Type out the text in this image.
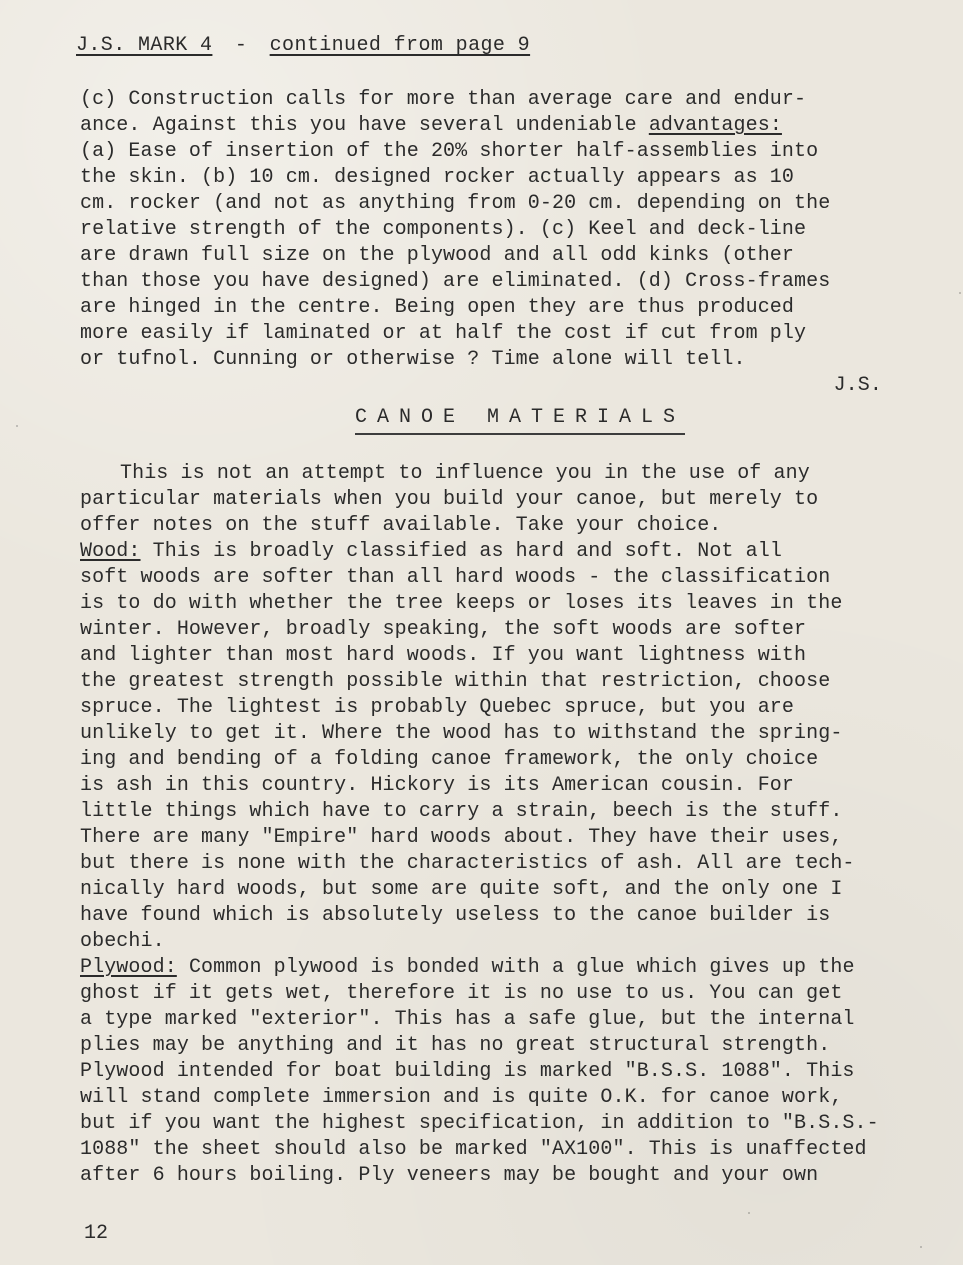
J.S. MARK 4 - continued from page 9
(c) Construction calls for more than average care and endur-
ance. Against this you have several undeniable advantages:
(a) Ease of insertion of the 20% shorter half-assemblies into
the skin. (b) 10 cm. designed rocker actually appears as 10
cm. rocker (and not as anything from 0-20 cm. depending on the
relative strength of the components). (c) Keel and deck-line
are drawn full size on the plywood and all odd kinks (other
than those you have designed) are eliminated. (d) Cross-frames
are hinged in the centre. Being open they are thus produced
more easily if laminated or at half the cost if cut from ply
or tufnol. Cunning or otherwise ? Time alone will tell.
J.S.
CANOE MATERIALS
This is not an attempt to influence you in the use of any
particular materials when you build your canoe, but merely to
offer notes on the stuff available. Take your choice.
Wood: This is broadly classified as hard and soft. Not all
soft woods are softer than all hard woods - the classification
is to do with whether the tree keeps or loses its leaves in the
winter. However, broadly speaking, the soft woods are softer
and lighter than most hard woods. If you want lightness with
the greatest strength possible within that restriction, choose
spruce. The lightest is probably Quebec spruce, but you are
unlikely to get it. Where the wood has to withstand the spring-
ing and bending of a folding canoe framework, the only choice
is ash in this country. Hickory is its American cousin. For
little things which have to carry a strain, beech is the stuff.
There are many "Empire" hard woods about. They have their uses,
but there is none with the characteristics of ash. All are tech-
nically hard woods, but some are quite soft, and the only one I
have found which is absolutely useless to the canoe builder is
obechi.
Plywood: Common plywood is bonded with a glue which gives up the
ghost if it gets wet, therefore it is no use to us. You can get
a type marked "exterior". This has a safe glue, but the internal
plies may be anything and it has no great structural strength.
Plywood intended for boat building is marked "B.S.S. 1088". This
will stand complete immersion and is quite O.K. for canoe work,
but if you want the highest specification, in addition to "B.S.S.-
1088" the sheet should also be marked "AX100". This is unaffected
after 6 hours boiling. Ply veneers may be bought and your own
12
